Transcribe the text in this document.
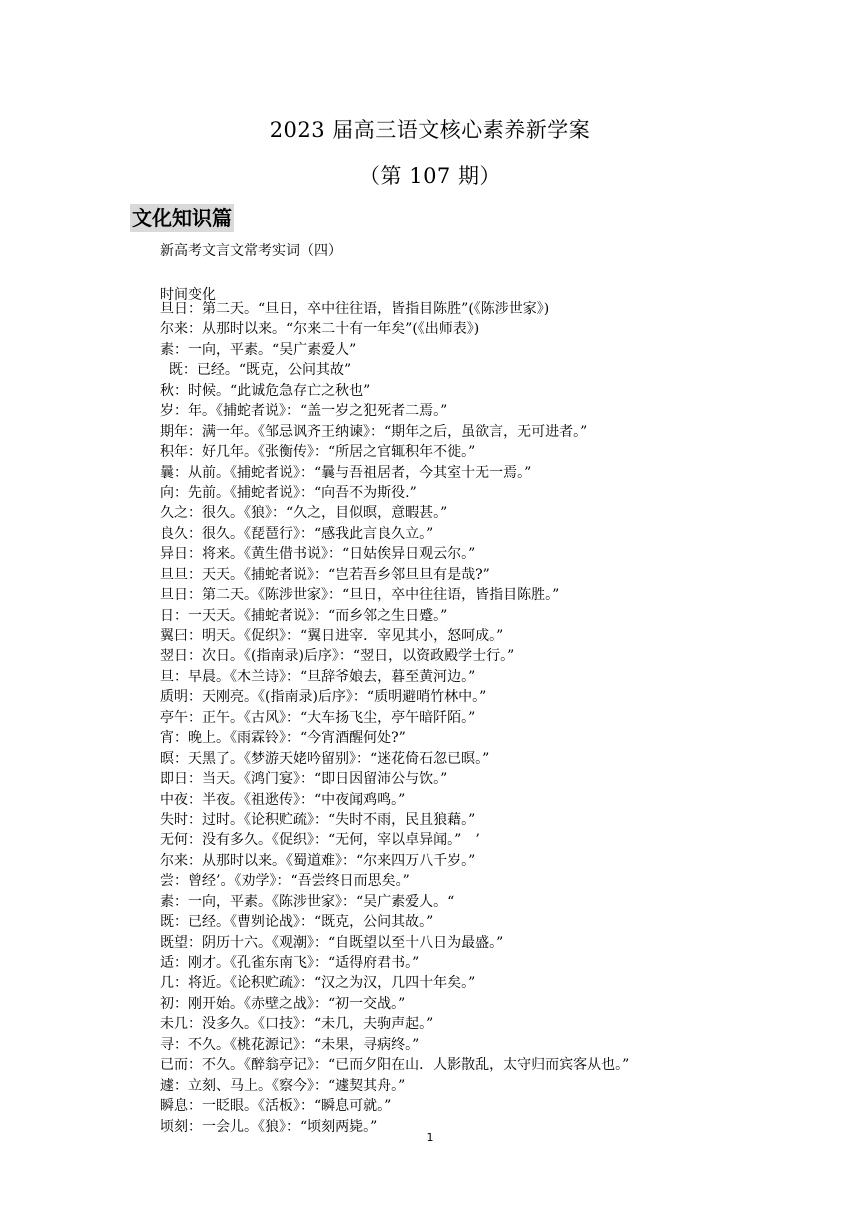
2023 届高三语文核心素养新学案
（第 107 期）
文化知识篇
新高考文言文常考实词（四）
时间变化
旦日：第二天。“旦日，卒中往往语，皆指目陈胜”(《陈涉世家》)
尔来：从那时以来。“尔来二十有一年矣”(《出师表》)
素：一向，平素。“吴广素爱人”
既：已经。“既克，公问其故”
秋：时候。“此诚危急存亡之秋也”
岁：年。《捕蛇者说》：“盖一岁之犯死者二焉。”
期年：满一年。《邹忌讽齐王纳谏》：“期年之后，虽欲言，无可进者。”
积年：好几年。《张衡传》：“所居之官辄积年不徙。”
曩：从前。《捕蛇者说》：“曩与吾祖居者，今其室十无一焉。”
向：先前。《捕蛇者说》：“向吾不为斯役.”
久之：很久。《狼》：“久之，目似暝，意暇甚。”
良久：很久。《琵琶行》：“感我此言良久立。”
异日：将来。《黄生借书说》：“日姑俟异日观云尔。”
旦旦：天天。《捕蛇者说》：“岂若吾乡邻旦旦有是哉?”
旦日：第二天。《陈涉世家》：“旦日，卒中往往语，皆指目陈胜。”
日：一天天。《捕蛇者说》：“而乡邻之生日蹙。”
翼曰：明天。《促织》：“翼日进宰．宰见其小，怒呵成。”
翌日：次日。《(指南录)后序》：“翌日，以资政殿学士行。”
旦：早晨。《木兰诗》：“旦辞爷娘去，暮至黄河边。”
质明：天刚亮。《(指南录)后序》：“质明避哨竹林中。”
亭午：正午。《古风》：“大车扬飞尘，亭午暗阡陌。”
宵：晚上。《雨霖铃》：“今宵酒醒何处?”
暝：天黑了。《梦游天姥吟留别》：“迷花倚石忽已暝。”
即日：当天。《鸿门宴》：“即日因留沛公与饮。”
中夜：半夜。《祖逖传》：“中夜闻鸡鸣。”
失时：过时。《论积贮疏》：“失时不雨，民且狼藉。”
无何：没有多久。《促织》：“无何，宰以卓异闻。”　’
尔来：从那时以来。《蜀道难》：“尔来四万八千岁。”
尝：曾经’。《劝学》：“吾尝终日而思矣。”
素：一向，平素。《陈涉世家》：“吴广素爱人。“
既：已经。《曹刿论战》：“既克，公问其故。”
既望：阴历十六。《观潮》：“自既望以至十八日为最盛。”
适：刚才。《孔雀东南飞》：“适得府君书。”
几：将近。《论积贮疏》：“汉之为汉，几四十年矣。”
初：刚开始。《赤壁之战》：“初一交战。”
未几：没多久。《口技》：“未几，夫驹声起。”
寻：不久。《桃花源记》：“未果，寻病终。”
已而：不久。《醉翁亭记》：“已而夕阳在山．人影散乱，太守归而宾客从也。”
遽：立刻、马上。《察今》：“遽契其舟。”
瞬息：一眨眼。《活板》：“瞬息可就。”
顷刻：一会儿。《狼》：“顷刻两毙。”
1
